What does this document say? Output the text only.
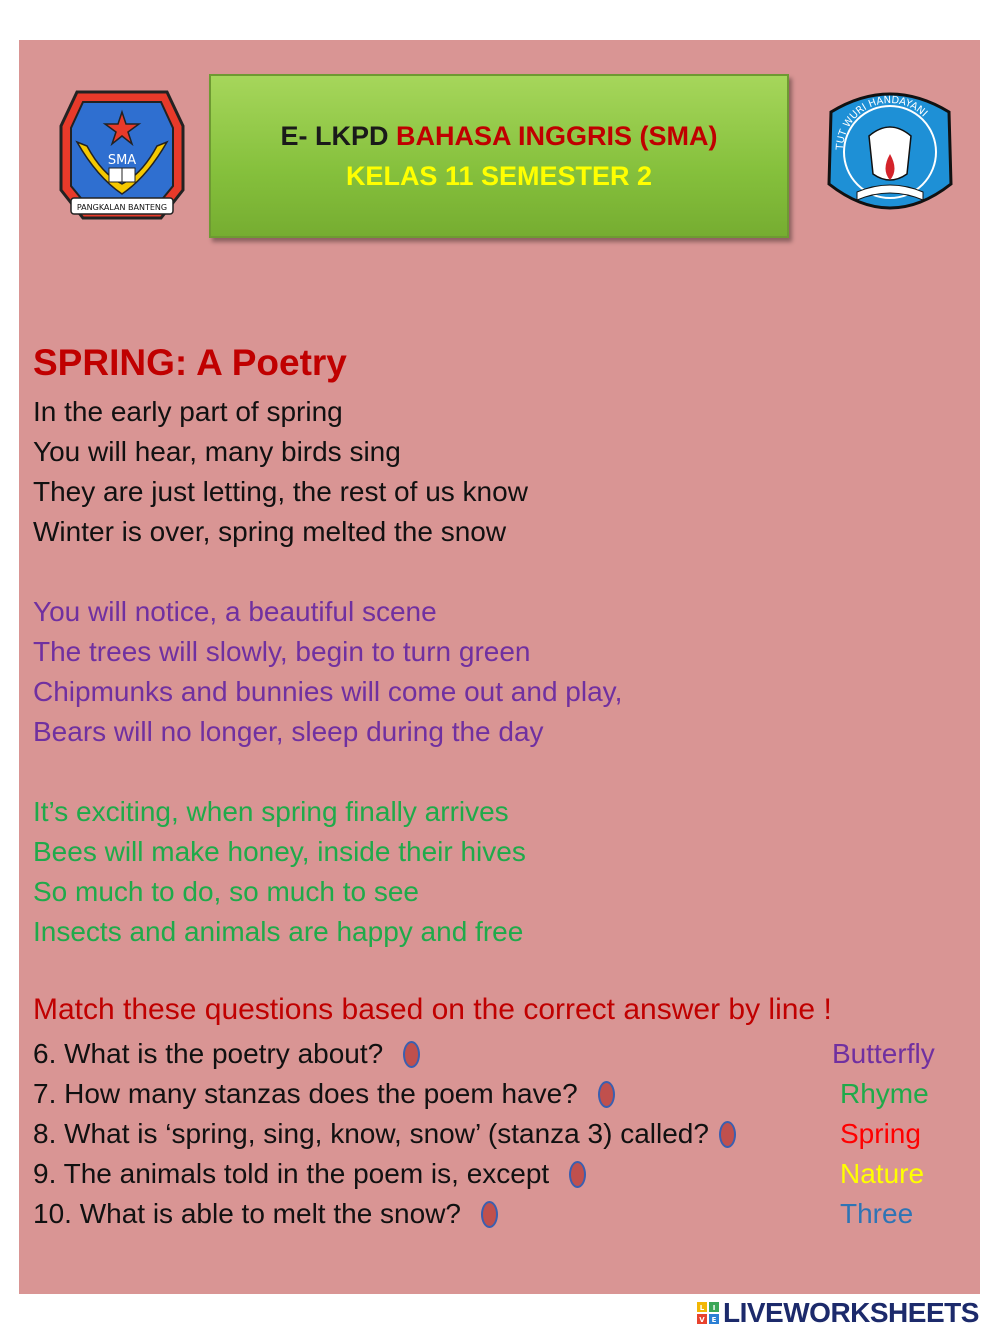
SMA
PANGKALAN BANTENG
E- LKPD BAHASA INGGRIS (SMA)
KELAS 11 SEMESTER 2
TUT WURI HANDAYANI
SPRING: A Poetry
In the early part of spring
You will hear, many birds sing
They are just letting, the rest of us know
Winter is over, spring melted the snow
You will notice, a beautiful scene
The trees will slowly, begin to turn green
Chipmunks and bunnies will come out and play,
Bears will no longer, sleep during the day
It’s exciting, when spring finally arrives
Bees will make honey, inside their hives
So much to do, so much to see
Insects and animals are happy and free
Match these questions based on the correct answer by line !
6. What is the poetry about?
7. How many stanzas does the poem have?
8. What is ‘spring, sing, know, snow’ (stanza 3) called?
9. The animals told in the poem is, except
10. What is able to melt the snow?
Butterfly
Rhyme
Spring
Nature
Three
L I
V E LIVEWORKSHEETS
